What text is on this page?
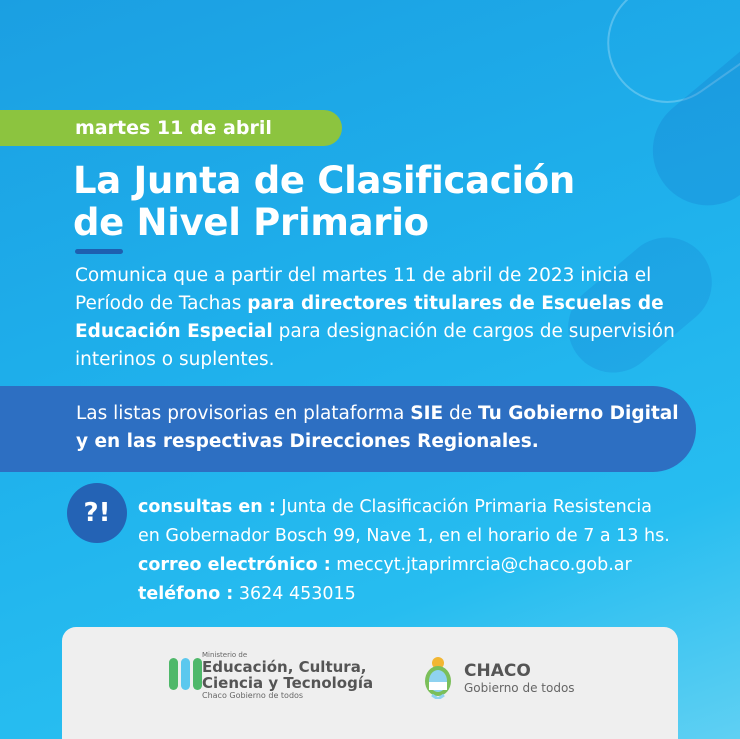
martes 11 de abril
La Junta de Clasificación
de Nivel Primario
Comunica que a partir del martes 11 de abril de 2023 inicia el Período de Tachas para directores titulares de Escuelas de Educación Especial para designación de cargos de supervisión interinos o suplentes.
Las listas provisorias en plataforma SIE de Tu Gobierno Digital y en las respectivas Direcciones Regionales.
?!	consultas en : Junta de Clasificación Primaria Resistencia
en Gobernador Bosch 99, Nave 1, en el horario de 7 a 13 hs.
correo electrónico : meccyt.jtaprimrcia@chaco.gob.ar
teléfono : 3624 453015
Ministerio de
Educación, Cultura,
Ciencia y Tecnología
Chaco Gobierno de todos
CHACO
Gobierno de todos
